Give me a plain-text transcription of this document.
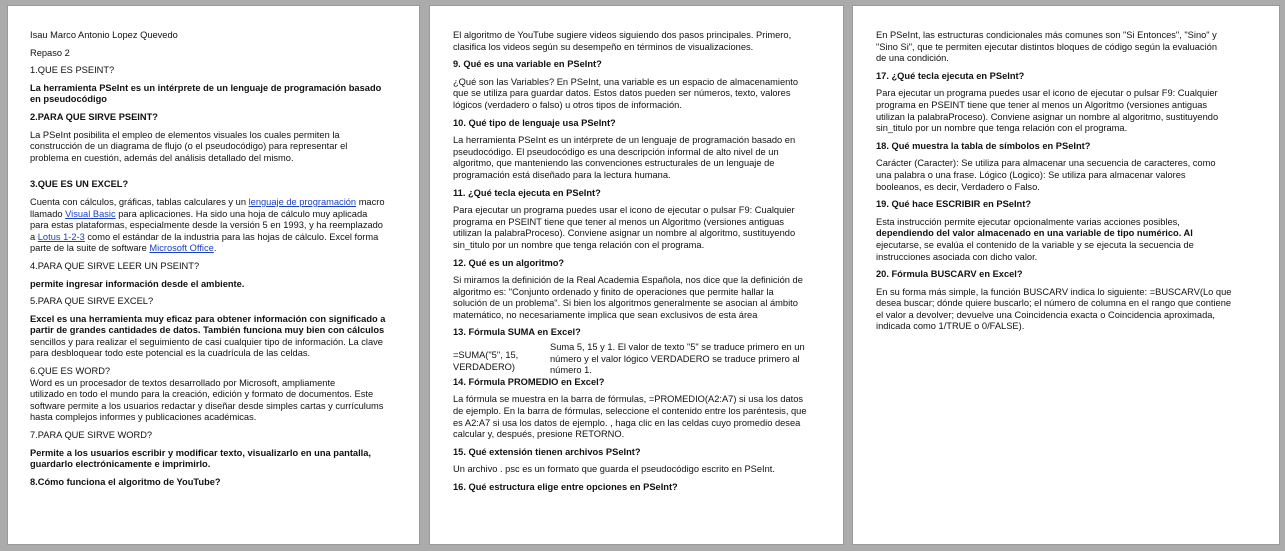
Isau Marco Antonio Lopez Quevedo

Repaso 2

1.QUE ES PSEINT?

La herramienta PSeInt es un intérprete de un lenguaje de programación basado

en pseudocódigo

2.PARA QUE SIRVE PSEINT?

La PSeInt posibilita el empleo de elementos visuales los cuales permiten la

construcción de un diagrama de flujo (o el pseudocódigo) para representar el

problema en cuestión, además del análisis detallado del mismo.

3.QUE ES UN EXCEL?

Cuenta con cálculos, gráficas, tablas calculares y un lenguaje de programación macro

llamado Visual Basic para aplicaciones. Ha sido una hoja de cálculo muy aplicada

para estas plataformas, especialmente desde la versión 5 en 1993, y ha reemplazado

a Lotus 1-2-3 como el estándar de la industria para las hojas de cálculo. Excel forma

parte de la suite de software Microsoft Office.

4.PARA QUE SIRVE LEER UN PSEINT?

permite ingresar información desde el ambiente.

5.PARA QUE SIRVE EXCEL?

Excel es una herramienta muy eficaz para obtener información con significado a

partir de grandes cantidades de datos. También funciona muy bien con cálculos

sencillos y para realizar el seguimiento de casi cualquier tipo de información. La clave

para desbloquear todo este potencial es la cuadrícula de las celdas.

6.QUE ES WORD?

Word es un procesador de textos desarrollado por Microsoft, ampliamente

utilizado en todo el mundo para la creación, edición y formato de documentos. Este

software permite a los usuarios redactar y diseñar desde simples cartas y currículums

hasta complejos informes y publicaciones académicas.

7.PARA QUE SIRVE WORD?

Permite a los usuarios escribir y modificar texto, visualizarlo en una pantalla,

guardarlo electrónicamente e imprimirlo.

8.Cómo funciona el algoritmo de YouTube?

El algoritmo de YouTube sugiere videos siguiendo dos pasos principales. Primero,

clasifica los videos según su desempeño en términos de visualizaciones.

9. Qué es una variable en PSeInt?

¿Qué son las Variables? En PSeInt, una variable es un espacio de almacenamiento

que se utiliza para guardar datos. Estos datos pueden ser números, texto, valores

lógicos (verdadero o falso) u otros tipos de información.

10. Qué tipo de lenguaje usa PSeInt?

La herramienta PSeInt es un intérprete de un lenguaje de programación basado en

pseudocódigo. El pseudocódigo es una descripción informal de alto nivel de un

algoritmo, que manteniendo las convenciones estructurales de un lenguaje de

programación está diseñado para la lectura humana.

11. ¿Qué tecla ejecuta en PSeInt?

Para ejecutar un programa puedes usar el icono de ejecutar o pulsar F9: Cualquier

programa en PSEINT tiene que tener al menos un Algoritmo (versiones antiguas

utilizan la palabraProceso). Conviene asignar un nombre al algoritmo, sustituyendo

sin_titulo por un nombre que tenga relación con el programa.

12. Qué es un algoritmo?

Si miramos la definición de la Real Academia Española, nos dice que la definición de

algoritmo es: "Conjunto ordenado y finito de operaciones que permite hallar la

solución de un problema". Si bien los algoritmos generalmente se asocian al ámbito

matemático, no necesariamente implica que sean exclusivos de esta área

13. Fórmula SUMA en Excel?

=SUMA("5", 15,
VERDADERO)
Suma 5, 15 y 1. El valor de texto "5" se traduce primero en un
número y el valor lógico VERDADERO se traduce primero al
número 1.

14. Fórmula PROMEDIO en Excel?

La fórmula se muestra en la barra de fórmulas, =PROMEDIO(A2:A7) si usa los datos

de ejemplo. En la barra de fórmulas, seleccione el contenido entre los paréntesis, que

es A2:A7 si usa los datos de ejemplo. , haga clic en las celdas cuyo promedio desea

calcular y, después, presione RETORNO.

15. Qué extensión tienen archivos PSeInt?

Un archivo . psc es un formato que guarda el pseudocódigo escrito en PSeInt.

16. Qué estructura elige entre opciones en PSeInt?

En PSeInt, las estructuras condicionales más comunes son "Si Entonces", "Sino" y

"Sino Si", que te permiten ejecutar distintos bloques de código según la evaluación

de una condición.

17. ¿Qué tecla ejecuta en PSeInt?

Para ejecutar un programa puedes usar el icono de ejecutar o pulsar F9: Cualquier

programa en PSEINT tiene que tener al menos un Algoritmo (versiones antiguas

utilizan la palabraProceso). Conviene asignar un nombre al algoritmo, sustituyendo

sin_titulo por un nombre que tenga relación con el programa.

18. Qué muestra la tabla de símbolos en PSeInt?

Carácter (Caracter): Se utiliza para almacenar una secuencia de caracteres, como

una palabra o una frase. Lógico (Logico): Se utiliza para almacenar valores

booleanos, es decir, Verdadero o Falso.

19. Qué hace ESCRIBIR en PSeInt?

Esta instrucción permite ejecutar opcionalmente varias acciones posibles,

dependiendo del valor almacenado en una variable de tipo numérico. Al

ejecutarse, se evalúa el contenido de la variable y se ejecuta la secuencia de

instrucciones asociada con dicho valor.

20. Fórmula BUSCARV en Excel?

En su forma más simple, la función BUSCARV indica lo siguiente: =BUSCARV(Lo que

desea buscar; dónde quiere buscarlo; el número de columna en el rango que contiene

el valor a devolver; devuelve una Coincidencia exacta o Coincidencia aproximada,

indicada como 1/TRUE o 0/FALSE).
